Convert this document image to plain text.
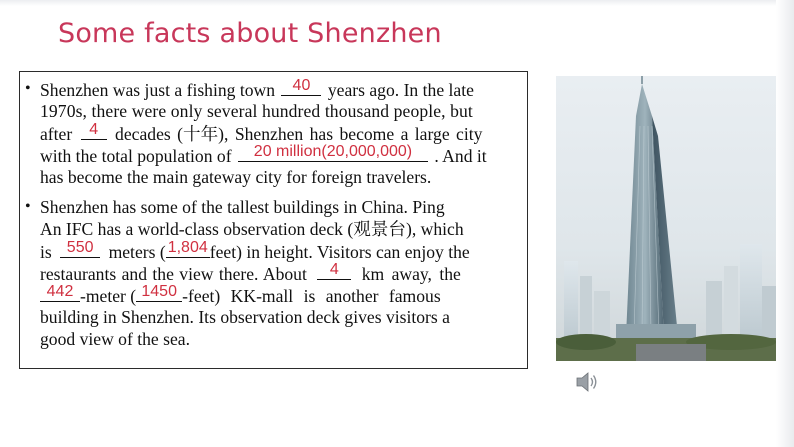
Some facts about Shenzhen
• Shenzhen was just a fishing town 40 years ago. In the late
1970s, there were only several hundred thousand people, but
after 4 decades (十年), Shenzhen has become a large city
with the total population of 20 million(20,000,000) . And it
has become the main gateway city for foreign travelers.
• Shenzhen has some of the tallest buildings in China. Ping
An IFC has a world-class observation deck (观景台), which
is 550 meters ( 1,804 feet) in height. Visitors can enjoy the
restaurants and the view there. About 4 km away, the
442 -meter ( 1450 -feet) KK-mall is another famous
building in Shenzhen. Its observation deck gives visitors a
good view of the sea.
